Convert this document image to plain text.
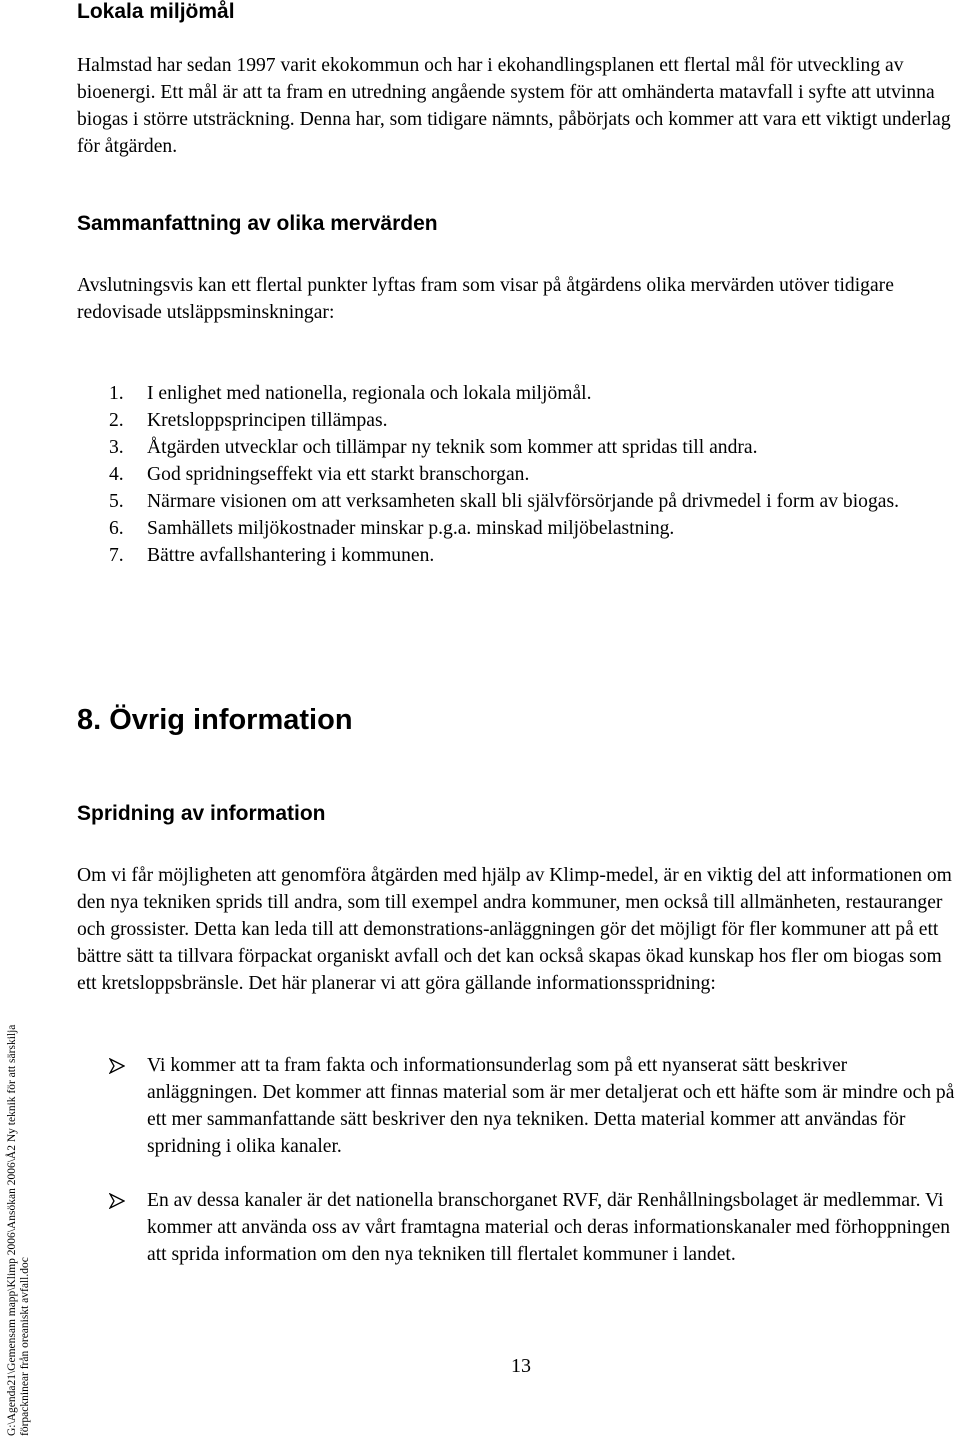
Lokala miljömål

Halmstad har sedan 1997 varit ekokommun och har i ekohandlingsplanen ett flertal mål för utveckling av bioenergi. Ett mål är att ta fram en utredning angående system för att omhänderta matavfall i syfte att utvinna biogas i större utsträckning. Denna har, som tidigare nämnts, påbörjats och kommer att vara ett viktigt underlag för åtgärden.

Sammanfattning av olika mervärden

Avslutningsvis kan ett flertal punkter lyftas fram som visar på åtgärdens olika mervärden utöver tidigare redovisade utsläppsminskningar:

1. I enlighet med nationella, regionala och lokala miljömål.
2. Kretsloppsprincipen tillämpas.
3. Åtgärden utvecklar och tillämpar ny teknik som kommer att spridas till andra.
4. God spridningseffekt via ett starkt branschorgan.
5. Närmare visionen om att verksamheten skall bli självförsörjande på drivmedel i form av biogas.
6. Samhällets miljökostnader minskar p.g.a. minskad miljöbelastning.
7. Bättre avfallshantering i kommunen.
8. Övrig information
Spridning av information

Om vi får möjligheten att genomföra åtgärden med hjälp av Klimp-medel, är en viktig del att informationen om den nya tekniken sprids till andra, som till exempel andra kommuner, men också till allmänheten, restauranger och grossister. Detta kan leda till att demonstrations-anläggningen gör det möjligt för fler kommuner att på ett bättre sätt ta tillvara förpackat organiskt avfall och det kan också skapas ökad kunskap hos fler om biogas som ett kretsloppsbränsle. Det här planerar vi att göra gällande informationsspridning:

Vi kommer att ta fram fakta och informationsunderlag som på ett nyanserat sätt beskriver anläggningen. Det kommer att finnas material som är mer detaljerat och ett häfte som är mindre och på ett mer sammanfattande sätt beskriver den nya tekniken. Detta material kommer att användas för spridning i olika kanaler.
En av dessa kanaler är det nationella branschorganet RVF, där Renhållningsbolaget är medlemmar. Vi kommer att använda oss av vårt framtagna material och deras informationskanaler med förhoppningen att sprida information om den nya tekniken till flertalet kommuner i landet.
13
G:\Agenda21\Gemensam mapp\Klimp 2006\Ansökan 2006\Å2 Ny teknik för att särskilja förpackninear från oreaniskt avfall.doc
